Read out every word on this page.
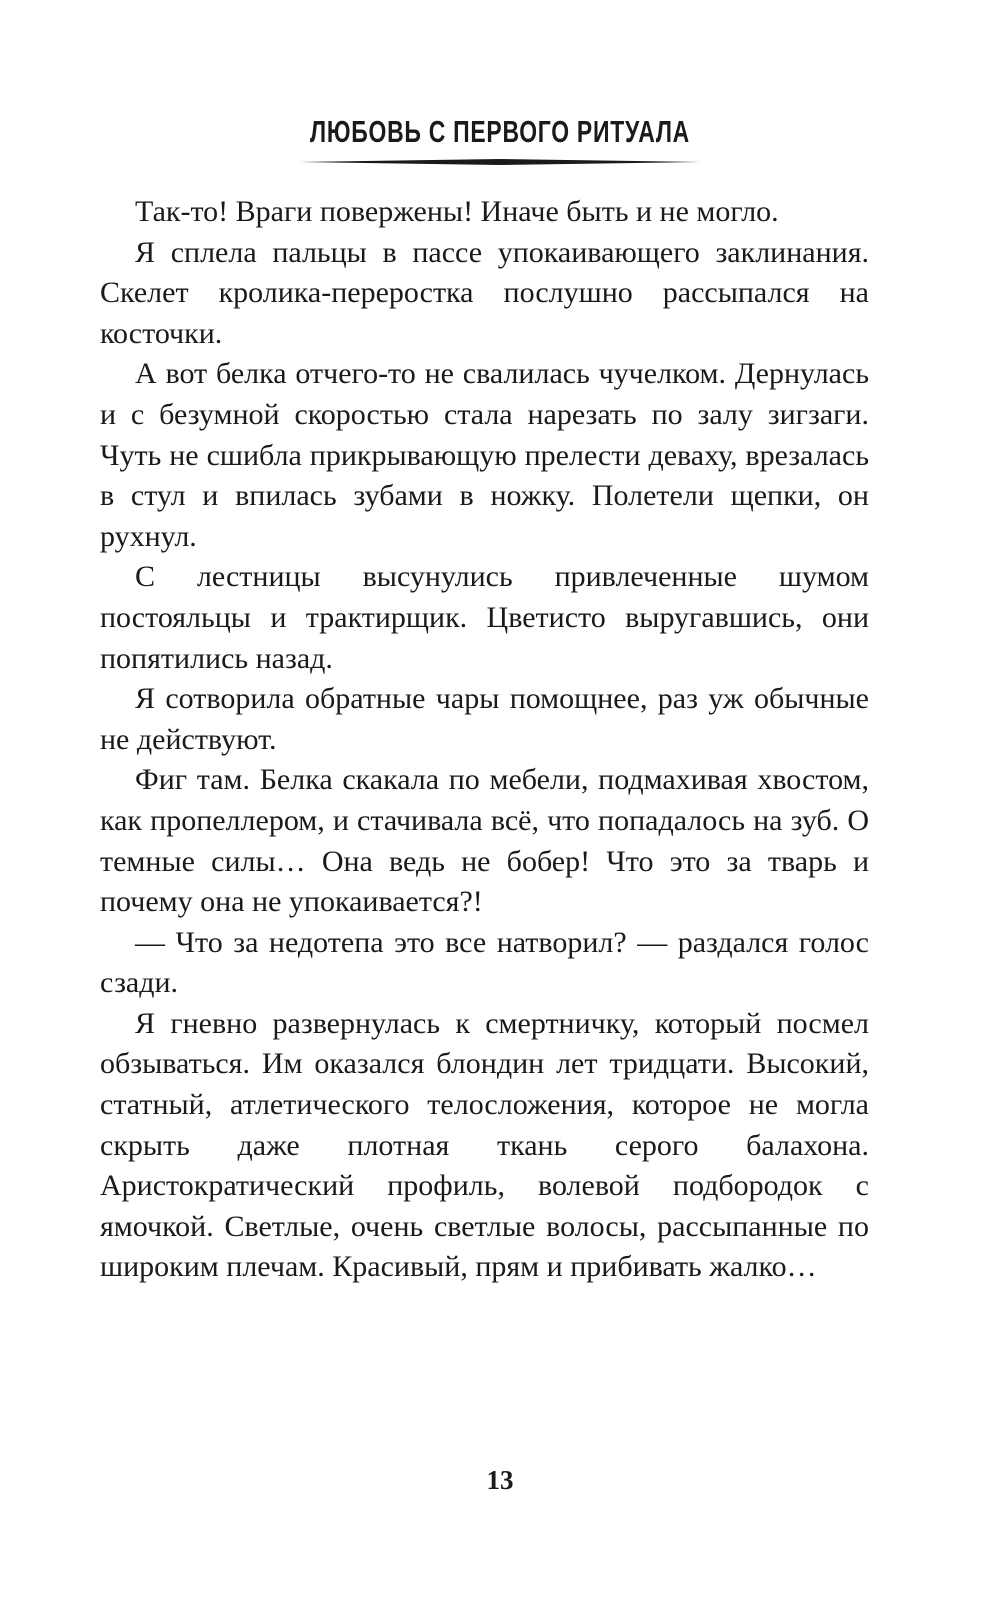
ЛЮБОВЬ С ПЕРВОГО РИТУАЛА

Так-то! Враги повержены! Иначе быть и не могло.

Я сплела пальцы в пассе упокаивающего заклинания. Скелет кролика-переростка послушно рассыпался на косточки.

А вот белка отчего-то не свалилась чучелком. Дернулась и с безумной скоростью стала нарезать по залу зигзаги. Чуть не сшибла прикрывающую прелести деваху, врезалась в стул и впилась зубами в ножку. Полетели щепки, он рухнул.

С лестницы высунулись привлеченные шумом постояльцы и трактирщик. Цветисто выругавшись, они попятились назад.

Я сотворила обратные чары помощнее, раз уж обычные не действуют.

Фиг там. Белка скакала по мебели, подмахивая хвостом, как пропеллером, и стачивала всё, что попадалось на зуб. О темные силы… Она ведь не бобер! Что это за тварь и почему она не упокаивается?!

— Что за недотепа это все натворил? — раздался голос сзади.

Я гневно развернулась к смертничку, который посмел обзываться. Им оказался блондин лет тридцати. Высокий, статный, атлетического телосложения, которое не могла скрыть даже плотная ткань серого балахона. Аристократический профиль, волевой подбородок с ямочкой. Светлые, очень светлые волосы, рассыпанные по широким плечам. Красивый, прям и прибивать жалко…

13
